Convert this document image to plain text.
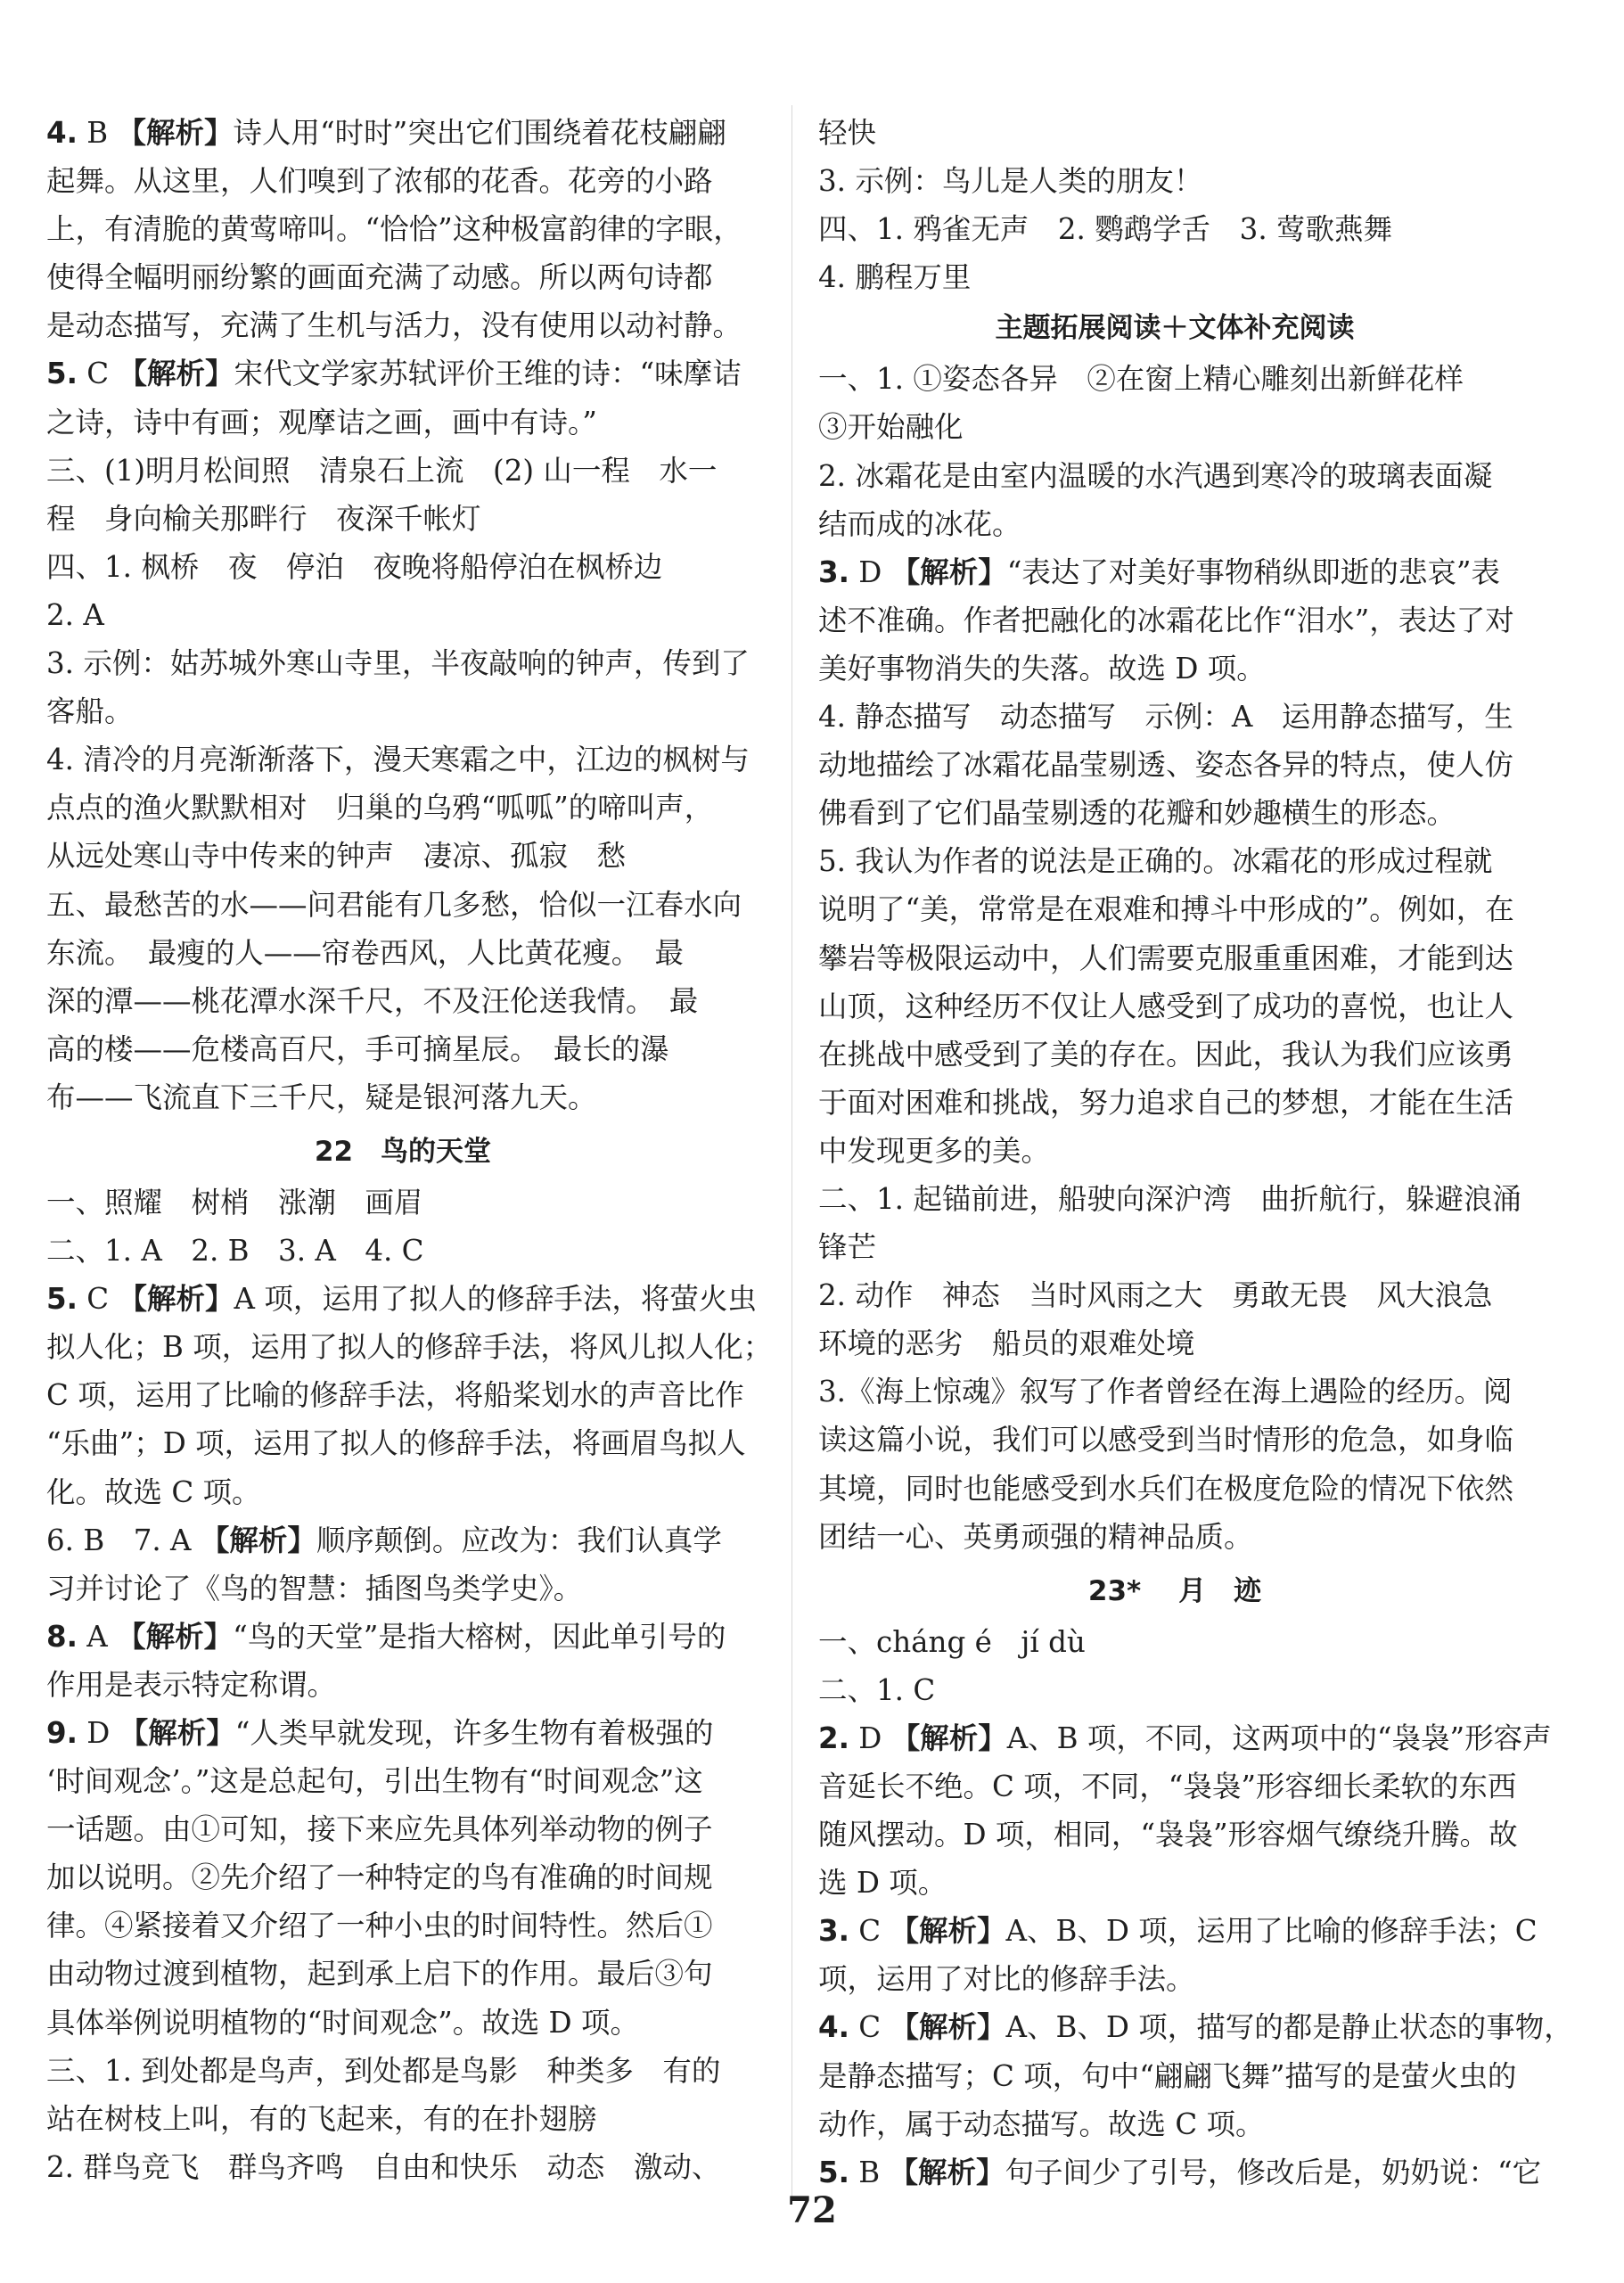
4. B 【解析】诗人用“时时”突出它们围绕着花枝翩翩
起舞。从这里，人们嗅到了浓郁的花香。花旁的小路
上，有清脆的黄莺啼叫。“恰恰”这种极富韵律的字眼，
使得全幅明丽纷繁的画面充满了动感。所以两句诗都
是动态描写，充满了生机与活力，没有使用以动衬静。
5. C 【解析】宋代文学家苏轼评价王维的诗：“味摩诘
之诗，诗中有画；观摩诘之画，画中有诗。”
三、(1)明月松间照　清泉石上流　(2) 山一程　水一
程　身向榆关那畔行　夜深千帐灯
四、1. 枫桥　夜　停泊　夜晚将船停泊在枫桥边
2. A
3. 示例：姑苏城外寒山寺里，半夜敲响的钟声，传到了
客船。
4. 清冷的月亮渐渐落下，漫天寒霜之中，江边的枫树与
点点的渔火默默相对　归巢的乌鸦“呱呱”的啼叫声，
从远处寒山寺中传来的钟声　凄凉、孤寂　愁
五、最愁苦的水——问君能有几多愁，恰似一江春水向
东流。　最瘦的人——帘卷西风，人比黄花瘦。　最
深的潭——桃花潭水深千尺，不及汪伦送我情。　最
高的楼——危楼高百尺，手可摘星辰。　最长的瀑
布——飞流直下三千尺，疑是银河落九天。
22　鸟的天堂
一、照耀　树梢　涨潮　画眉
二、1. A　2. B　3. A　4. C
5. C 【解析】A 项，运用了拟人的修辞手法，将萤火虫
拟人化；B 项，运用了拟人的修辞手法，将风儿拟人化；
C 项，运用了比喻的修辞手法，将船桨划水的声音比作
“乐曲”；D 项，运用了拟人的修辞手法，将画眉鸟拟人
化。故选 C 项。
6. B　7. A 【解析】顺序颠倒。应改为：我们认真学
习并讨论了《鸟的智慧：插图鸟类学史》。
8. A 【解析】“鸟的天堂”是指大榕树，因此单引号的
作用是表示特定称谓。
9. D 【解析】“人类早就发现，许多生物有着极强的
‘时间观念’。”这是总起句，引出生物有“时间观念”这
一话题。由①可知，接下来应先具体列举动物的例子
加以说明。②先介绍了一种特定的鸟有准确的时间规
律。④紧接着又介绍了一种小虫的时间特性。然后①
由动物过渡到植物，起到承上启下的作用。最后③句
具体举例说明植物的“时间观念”。故选 D 项。
三、1. 到处都是鸟声，到处都是鸟影　种类多　有的
站在树枝上叫，有的飞起来，有的在扑翅膀
2. 群鸟竞飞　群鸟齐鸣　自由和快乐　动态　激动、
轻快
3. 示例：鸟儿是人类的朋友！
四、1. 鸦雀无声　2. 鹦鹉学舌　3. 莺歌燕舞
4. 鹏程万里
主题拓展阅读＋文体补充阅读
一、1. ①姿态各异　②在窗上精心雕刻出新鲜花样
③开始融化
2. 冰霜花是由室内温暖的水汽遇到寒冷的玻璃表面凝
结而成的冰花。
3. D 【解析】“表达了对美好事物稍纵即逝的悲哀”表
述不准确。作者把融化的冰霜花比作“泪水”，表达了对
美好事物消失的失落。故选 D 项。
4. 静态描写　动态描写　示例：A　运用静态描写，生
动地描绘了冰霜花晶莹剔透、姿态各异的特点，使人仿
佛看到了它们晶莹剔透的花瓣和妙趣横生的形态。
5. 我认为作者的说法是正确的。冰霜花的形成过程就
说明了“美，常常是在艰难和搏斗中形成的”。例如，在
攀岩等极限运动中，人们需要克服重重困难，才能到达
山顶，这种经历不仅让人感受到了成功的喜悦，也让人
在挑战中感受到了美的存在。因此，我认为我们应该勇
于面对困难和挑战，努力追求自己的梦想，才能在生活
中发现更多的美。
二、1. 起锚前进，船驶向深沪湾　曲折航行，躲避浪涌
锋芒
2. 动作　神态　当时风雨之大　勇敢无畏　风大浪急
环境的恶劣　船员的艰难处境
3.《海上惊魂》叙写了作者曾经在海上遇险的经历。阅
读这篇小说，我们可以感受到当时情形的危急，如身临
其境，同时也能感受到水兵们在极度危险的情况下依然
团结一心、英勇顽强的精神品质。
23* 　月　迹
一、cháng é　jí dù
二、1. C
2. D 【解析】A、B 项，不同，这两项中的“袅袅”形容声
音延长不绝。C 项，不同，“袅袅”形容细长柔软的东西
随风摆动。D 项，相同，“袅袅”形容烟气缭绕升腾。故
选 D 项。
3. C 【解析】A、B、D 项，运用了比喻的修辞手法；C
项，运用了对比的修辞手法。
4. C 【解析】A、B、D 项，描写的都是静止状态的事物，
是静态描写；C 项，句中“翩翩飞舞”描写的是萤火虫的
动作，属于动态描写。故选 C 项。
5. B 【解析】句子间少了引号，修改后是，奶奶说：“它
72
